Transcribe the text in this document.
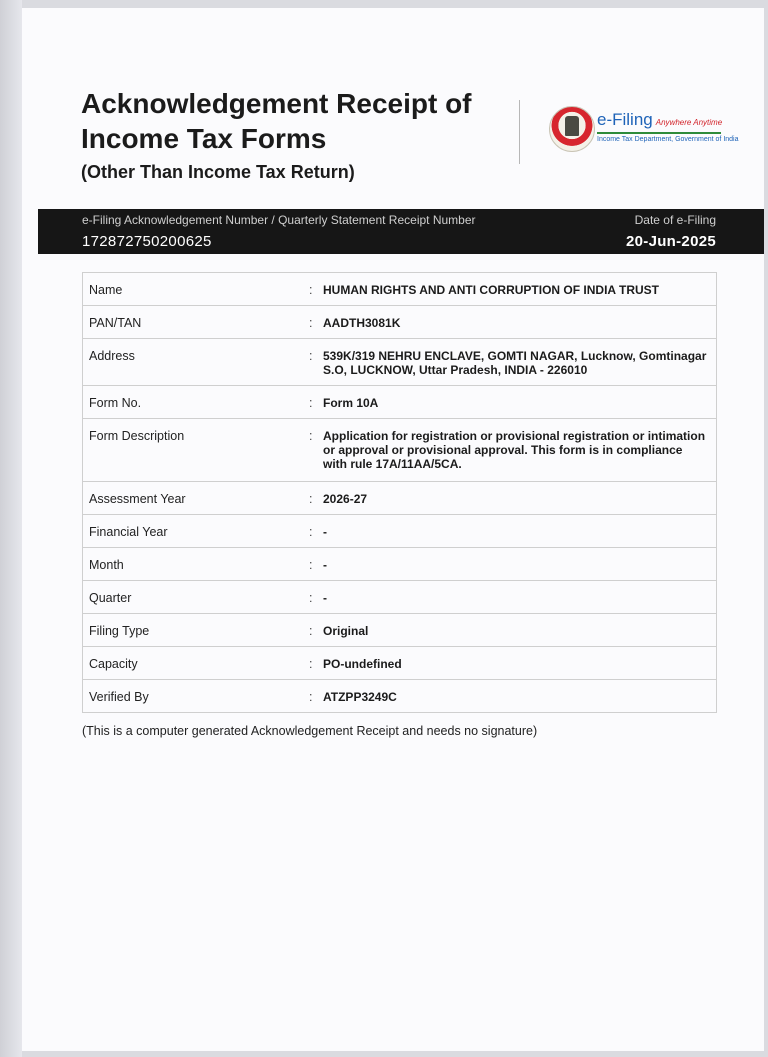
Acknowledgement Receipt of Income Tax Forms
(Other Than Income Tax Return)
e-Filing Anywhere Anytime
Income Tax Department, Government of India
e-Filing Acknowledgement Number / Quarterly Statement Receipt Number
172872750200625
Date of e-Filing
20-Jun-2025
Name	: HUMAN RIGHTS AND ANTI CORRUPTION OF INDIA TRUST
PAN/TAN	: AADTH3081K
Address	: 539K/319 NEHRU ENCLAVE, GOMTI NAGAR, Lucknow, Gomtinagar S.O, LUCKNOW, Uttar Pradesh, INDIA - 226010
Form No.	: Form 10A
Form Description	: Application for registration or provisional registration or intimation or approval or provisional approval. This form is in compliance with rule 17A/11AA/5CA.
Assessment Year	: 2026-27
Financial Year	: -
Month	: -
Quarter	: -
Filing Type	: Original
Capacity	: PO-undefined
Verified By	: ATZPP3249C
(This is a computer generated Acknowledgement Receipt and needs no signature)
